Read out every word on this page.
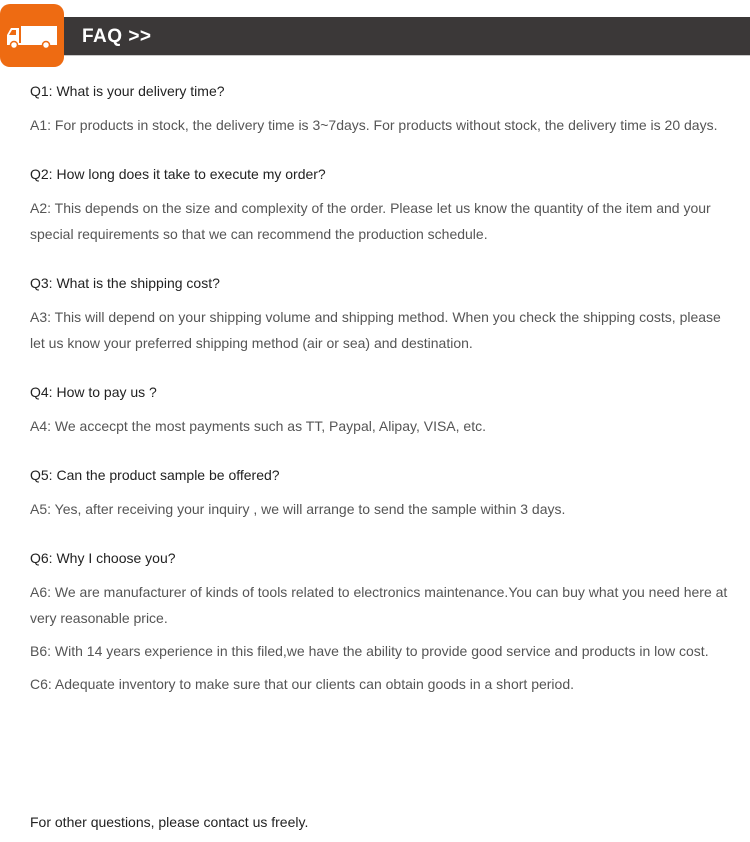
FAQ >>
Q1: What is your delivery time?
A1: For products in stock, the delivery time is 3~7days. For products without stock, the delivery time is 20 days.
Q2: How long does it take to execute my order?
A2: This depends on the size and complexity of the order. Please let us know the quantity of the item and your special requirements so that we can recommend the production schedule.
Q3: What is the shipping cost?
A3: This will depend on your shipping volume and shipping method. When you check the shipping costs, please let us know your preferred shipping method (air or sea) and destination.
Q4: How to pay us ?
A4: We accecpt the most payments such as TT, Paypal, Alipay, VISA, etc.
Q5: Can the product sample be offered?
A5: Yes, after receiving your inquiry , we will arrange to send the sample within 3 days.
Q6: Why I choose you?
A6: We are manufacturer of kinds of tools related to electronics maintenance.You can buy what you need here at very reasonable price.
B6: With 14 years experience in this filed,we have the ability to provide good service and products in low cost.
C6: Adequate inventory to make sure that our clients can obtain goods in a short period.
For other questions, please contact us freely.
